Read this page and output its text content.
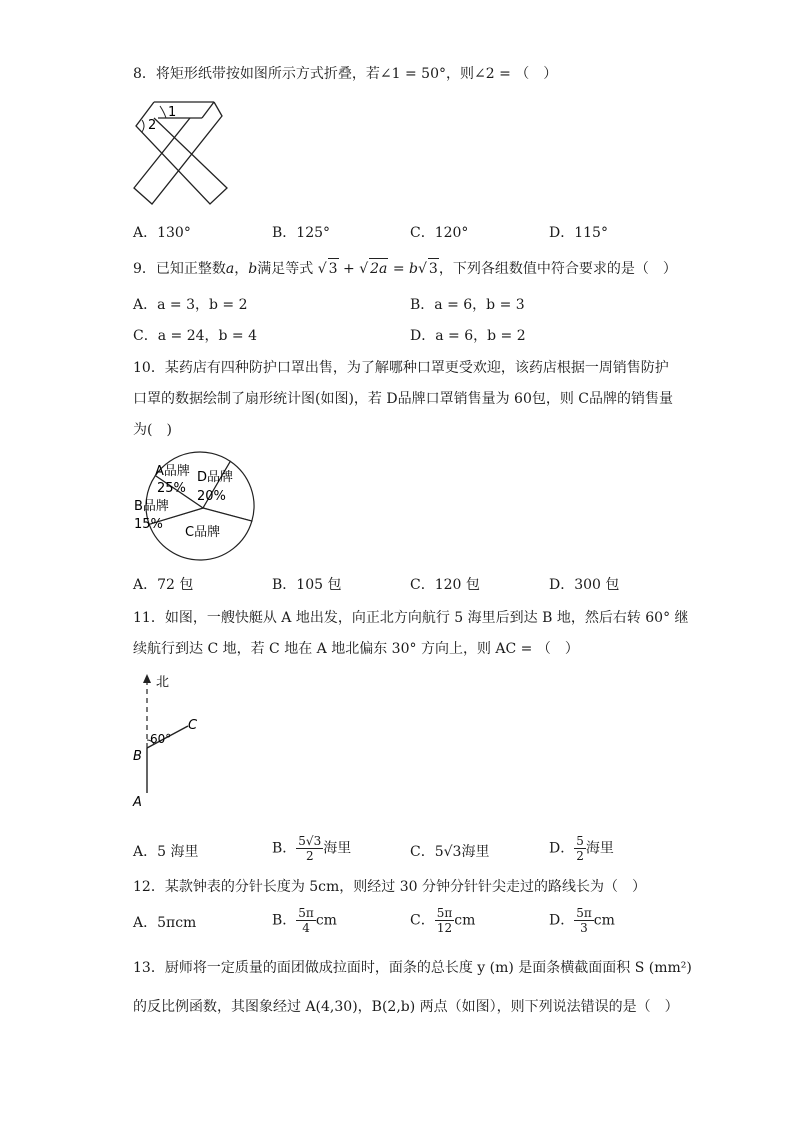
8．将矩形纸带按如图所示方式折叠，若∠1 = 50°，则∠2 = （　）
1
2
A．130°	B．125°	C．120°	D．115°
9．已知正整数a，b满足等式 √ 3 + √ 2a = b√ 3，下列各组数值中符合要求的是（　）
A．a = 3，b = 2	B．a = 6，b = 3
C．a = 24，b = 4	D．a = 6，b = 2
10．某药店有四种防护口罩出售，为了解哪种口罩更受欢迎，该药店根据一周销售防护
口罩的数据绘制了扇形统计图(如图)，若 D品牌口罩销售量为 60包，则 C品牌的销售量
为(　)
A品牌
25%
D品牌
20%
C品牌
B品牌
15%
A．72 包	B．105 包	C．120 包	D．300 包
11．如图，一艘快艇从 A 地出发，向正北方向航行 5 海里后到达 B 地，然后右转 60° 继
续航行到达 C 地，若 C 地在 A 地北偏东 30° 方向上，则 AC = （　）
北
60°
B
C
A
A．5 海里	B． $\frac{5√3}{2}$ 海里	C．5√3海里	D． $\frac{5}{2}$ 海里
12．某款钟表的分针长度为 5cm，则经过 30 分钟分针针尖走过的路线长为（　）
A．5πcm	B． $\frac{5\pi}{4}$ cm	C． $\frac{5\pi}{12}$ cm	D． $\frac{5\pi}{3}$ cm
13．厨师将一定质量的面团做成拉面时，面条的总长度 y (m) 是面条横截面面积 S (mm²)
的反比例函数，其图象经过 A(4,30)，B(2,b) 两点（如图），则下列说法错误的是（　）
